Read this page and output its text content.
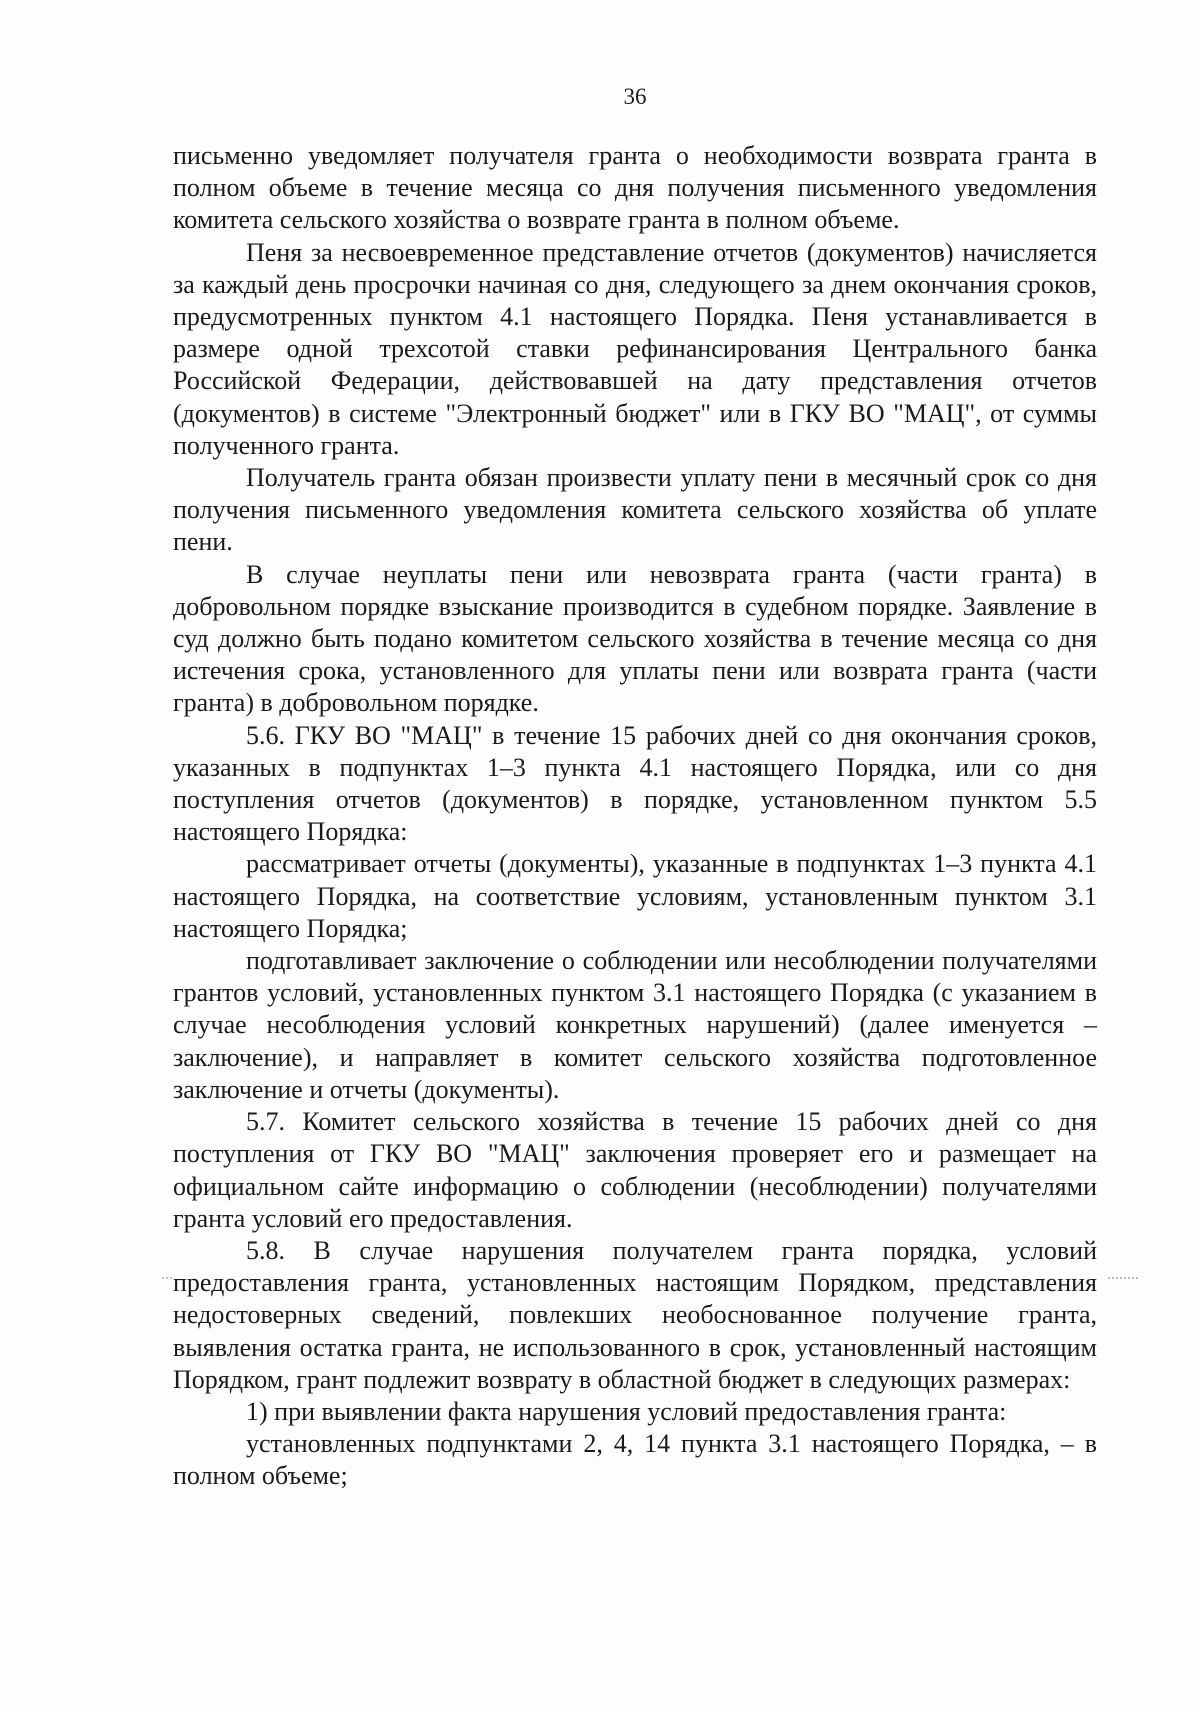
36

письменно уведомляет получателя гранта о необходимости возврата гранта в полном объеме в течение месяца со дня получения письменного уведомления комитета сельского хозяйства о возврате гранта в полном объеме.

Пеня за несвоевременное представление отчетов (документов) начисляется за каждый день просрочки начиная со дня, следующего за днем окончания сроков, предусмотренных пунктом 4.1 настоящего Порядка. Пеня устанавливается в размере одной трехсотой ставки рефинансирования Центрального банка Российской Федерации, действовавшей на дату представления отчетов (документов) в системе "Электронный бюджет" или в ГКУ ВО "МАЦ", от суммы полученного гранта.

Получатель гранта обязан произвести уплату пени в месячный срок со дня получения письменного уведомления комитета сельского хозяйства об уплате пени.

В случае неуплаты пени или невозврата гранта (части гранта) в добровольном порядке взыскание производится в судебном порядке. Заявление в суд должно быть подано комитетом сельского хозяйства в течение месяца со дня истечения срока, установленного для уплаты пени или возврата гранта (части гранта) в добровольном порядке.

5.6. ГКУ ВО "МАЦ" в течение 15 рабочих дней со дня окончания сроков, указанных в подпунктах 1–3 пункта 4.1 настоящего Порядка, или со дня поступления отчетов (документов) в порядке, установленном пунктом 5.5 настоящего Порядка:

рассматривает отчеты (документы), указанные в подпунктах 1–3 пункта 4.1 настоящего Порядка, на соответствие условиям, установленным пунктом 3.1 настоящего Порядка;

подготавливает заключение о соблюдении или несоблюдении получателями грантов условий, установленных пунктом 3.1 настоящего Порядка (с указанием в случае несоблюдения условий конкретных нарушений) (далее именуется – заключение), и направляет в комитет сельского хозяйства подготовленное заключение и отчеты (документы).

5.7. Комитет сельского хозяйства в течение 15 рабочих дней со дня поступления от ГКУ ВО "МАЦ" заключения проверяет его и размещает на официальном сайте информацию о соблюдении (несоблюдении) получателями гранта условий его предоставления.

5.8. В случае нарушения получателем гранта порядка, условий предоставления гранта, установленных настоящим Порядком, представления недостоверных сведений, повлекших необоснованное получение гранта, выявления остатка гранта, не использованного в срок, установленный настоящим Порядком, грант подлежит возврату в областной бюджет в следующих размерах:

1) при выявлении факта нарушения условий предоставления гранта:

установленных подпунктами 2, 4, 14 пункта 3.1 настоящего Порядка, – в полном объеме;
